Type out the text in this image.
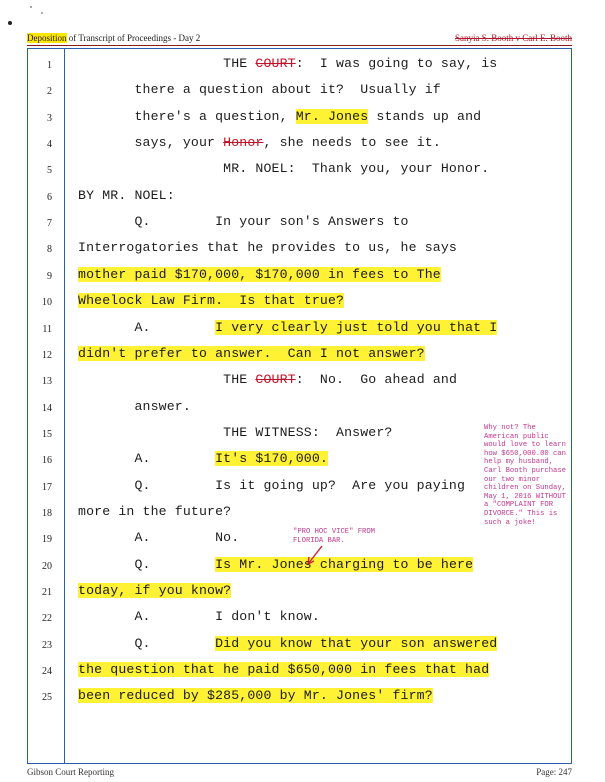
Deposition of Transcript of Proceedings - Day 2	Sanyia S. Booth v Carl E. Booth
1 THE COURT:  I was going to say, is
2 there a question about it?  Usually if
3 there's a question, Mr. Jones stands up and
4 says, your Honor, she needs to see it.
5 MR. NOEL:  Thank you, your Honor.
6 BY MR. NOEL:
7 Q.        In your son's Answers to
8 Interrogatories that he provides to us, he says
9 mother paid $170,000, $170,000 in fees to The
10 Wheelock Law Firm.  Is that true?
11 A.        I very clearly just told you that I
12 didn't prefer to answer.  Can I not answer?
13 THE COURT:  No.  Go ahead and
14 answer.
15 THE WITNESS:  Answer?
16 A.        It's $170,000.
17 Q.        Is it going up?  Are you paying
18 more in the future?
19 A.        No.
20 Q.        Is Mr. Jones charging to be here
21 today, if you know?
22 A.        I don't know.
23 Q.        Did you know that your son answered
24 the question that he paid $650,000 in fees that had
25 been reduced by $285,000 by Mr. Jones' firm?
Why not? The
American public
would love to learn
how $650,000.00 can
help my husband,
Carl Booth purchase
our two minor
children on Sunday,
May 1, 2016 WITHOUT
a "COMPLAINT FOR
DIVORCE." This is
such a joke!
"PRO HOC VICE" FROM
FLORIDA BAR.
Gibson Court Reporting	Page: 247
